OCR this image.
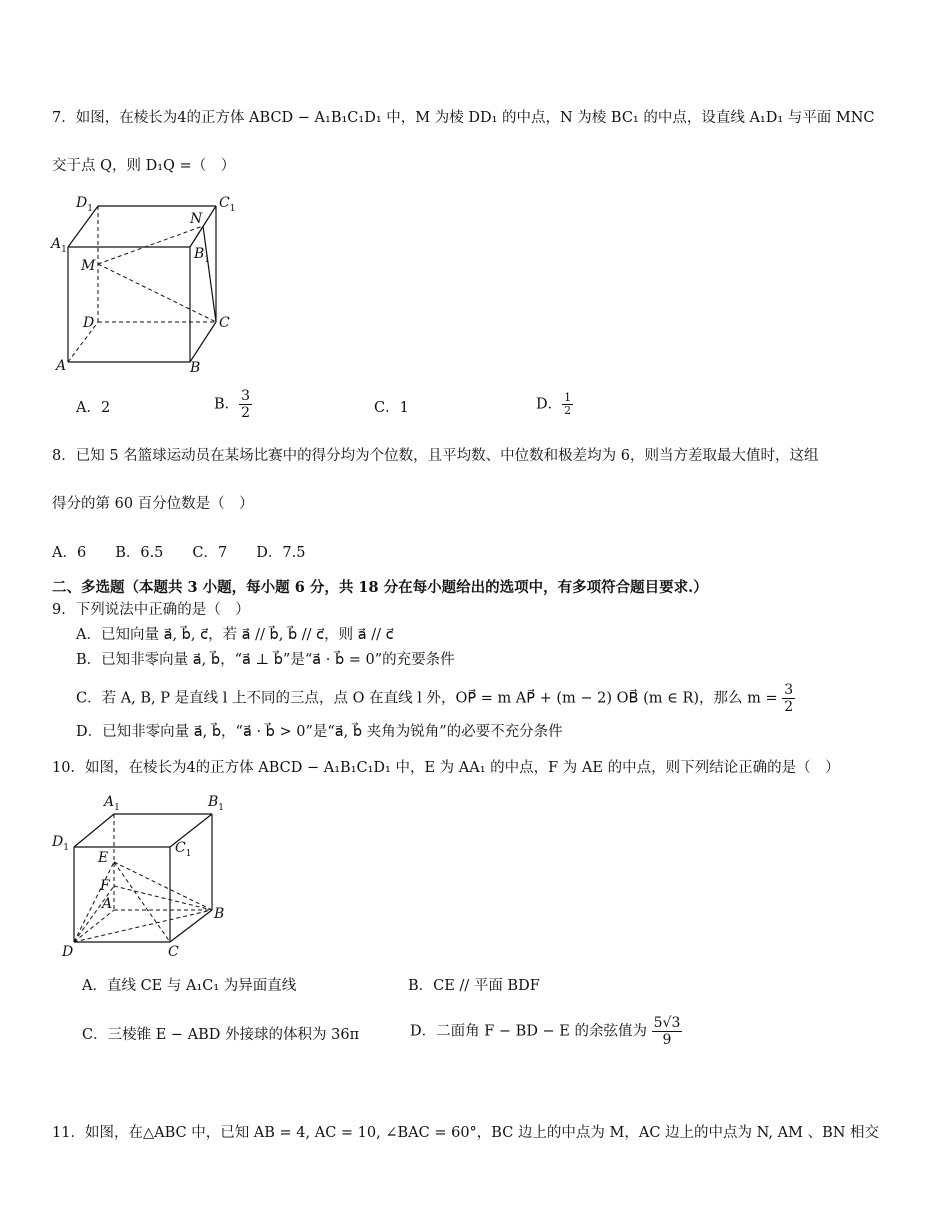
7．如图，在棱长为4的正方体 ABCD − A₁B₁C₁D₁ 中，M 为棱 DD₁ 的中点，N 为棱 BC₁ 的中点，设直线 A₁D₁ 与平面 MNC
交于点 Q，则 D₁Q =（　）
$D_1$	$C_1$
$A_1$
M
N
$B_1$
D	C
A	B
A．2	B． $\frac{3}{2}$	C．1	D． $\frac{1}{2}$
8．已知 5 名篮球运动员在某场比赛中的得分均为个位数，且平均数、中位数和极差均为 6，则当方差取最大值时，这组
得分的第 60 百分位数是（　）
A．6　　B．6.5　　C．7　　D．7.5
二、多选题（本题共 3 小题，每小题 6 分，共 18 分在每小题给出的选项中，有多项符合题目要求.）
9．下列说法中正确的是（　）
A．已知向量 a⃗, b⃗, c⃗，若 a⃗ // b⃗, b⃗ // c⃗，则 a⃗ // c⃗
B．已知非零向量 a⃗, b⃗，“a⃗ ⊥ b⃗”是“a⃗ · b⃗ = 0”的充要条件
C．若 A, B, P 是直线 l 上不同的三点，点 O 在直线 l 外，OP⃗ = m AP⃗ + (m − 2) OB⃗ (m ∈ R)，那么 $m = \frac{3}{2}$
D．已知非零向量 a⃗, b⃗，“a⃗ · b⃗ > 0”是“a⃗, b⃗ 夹角为锐角”的必要不充分条件
10．如图，在棱长为4的正方体 ABCD − A₁B₁C₁D₁ 中，E 为 AA₁ 的中点，F 为 AE 的中点，则下列结论正确的是（　）
$A_1$	$B_1$
$D_1$	$C_1$
E
F
A
B
D	C
A．直线 CE 与 A₁C₁ 为异面直线	B．CE // 平面 BDF
C．三棱锥 E − ABD 外接球的体积为 36π	D．二面角 F − BD − E 的余弦值为 $\frac{5√3}{9}$
11．如图，在△ABC 中，已知 AB = 4, AC = 10, ∠BAC = 60°，BC 边上的中点为 M，AC 边上的中点为 N, AM 、BN 相交
